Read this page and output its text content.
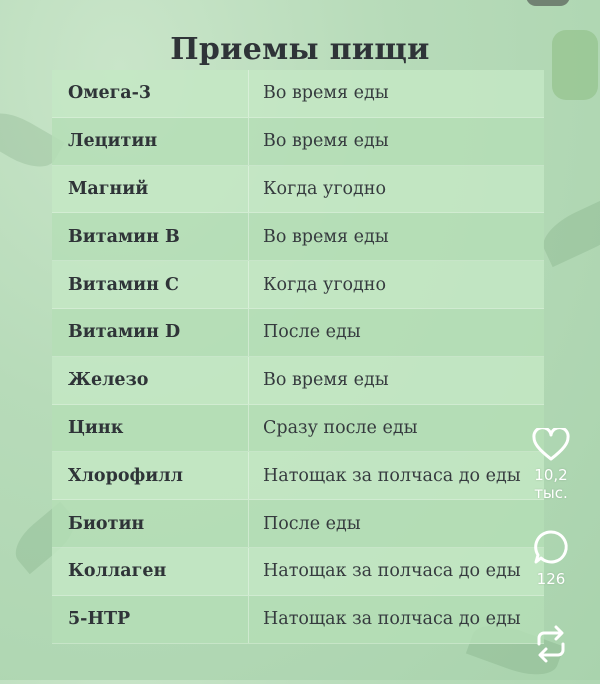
Приемы пищи
Омега-3	Во время еды
Лецитин	Во время еды
Магний	Когда угодно
Витамин B	Во время еды
Витамин C	Когда угодно
Витамин D	После еды
Железо	Во время еды
Цинк	Сразу после еды
Хлорофилл	Натощак за полчаса до еды
Биотин	После еды
Коллаген	Натощак за полчаса до еды
5-HTP	Натощак за полчаса до еды
10,2 тыс.
126
